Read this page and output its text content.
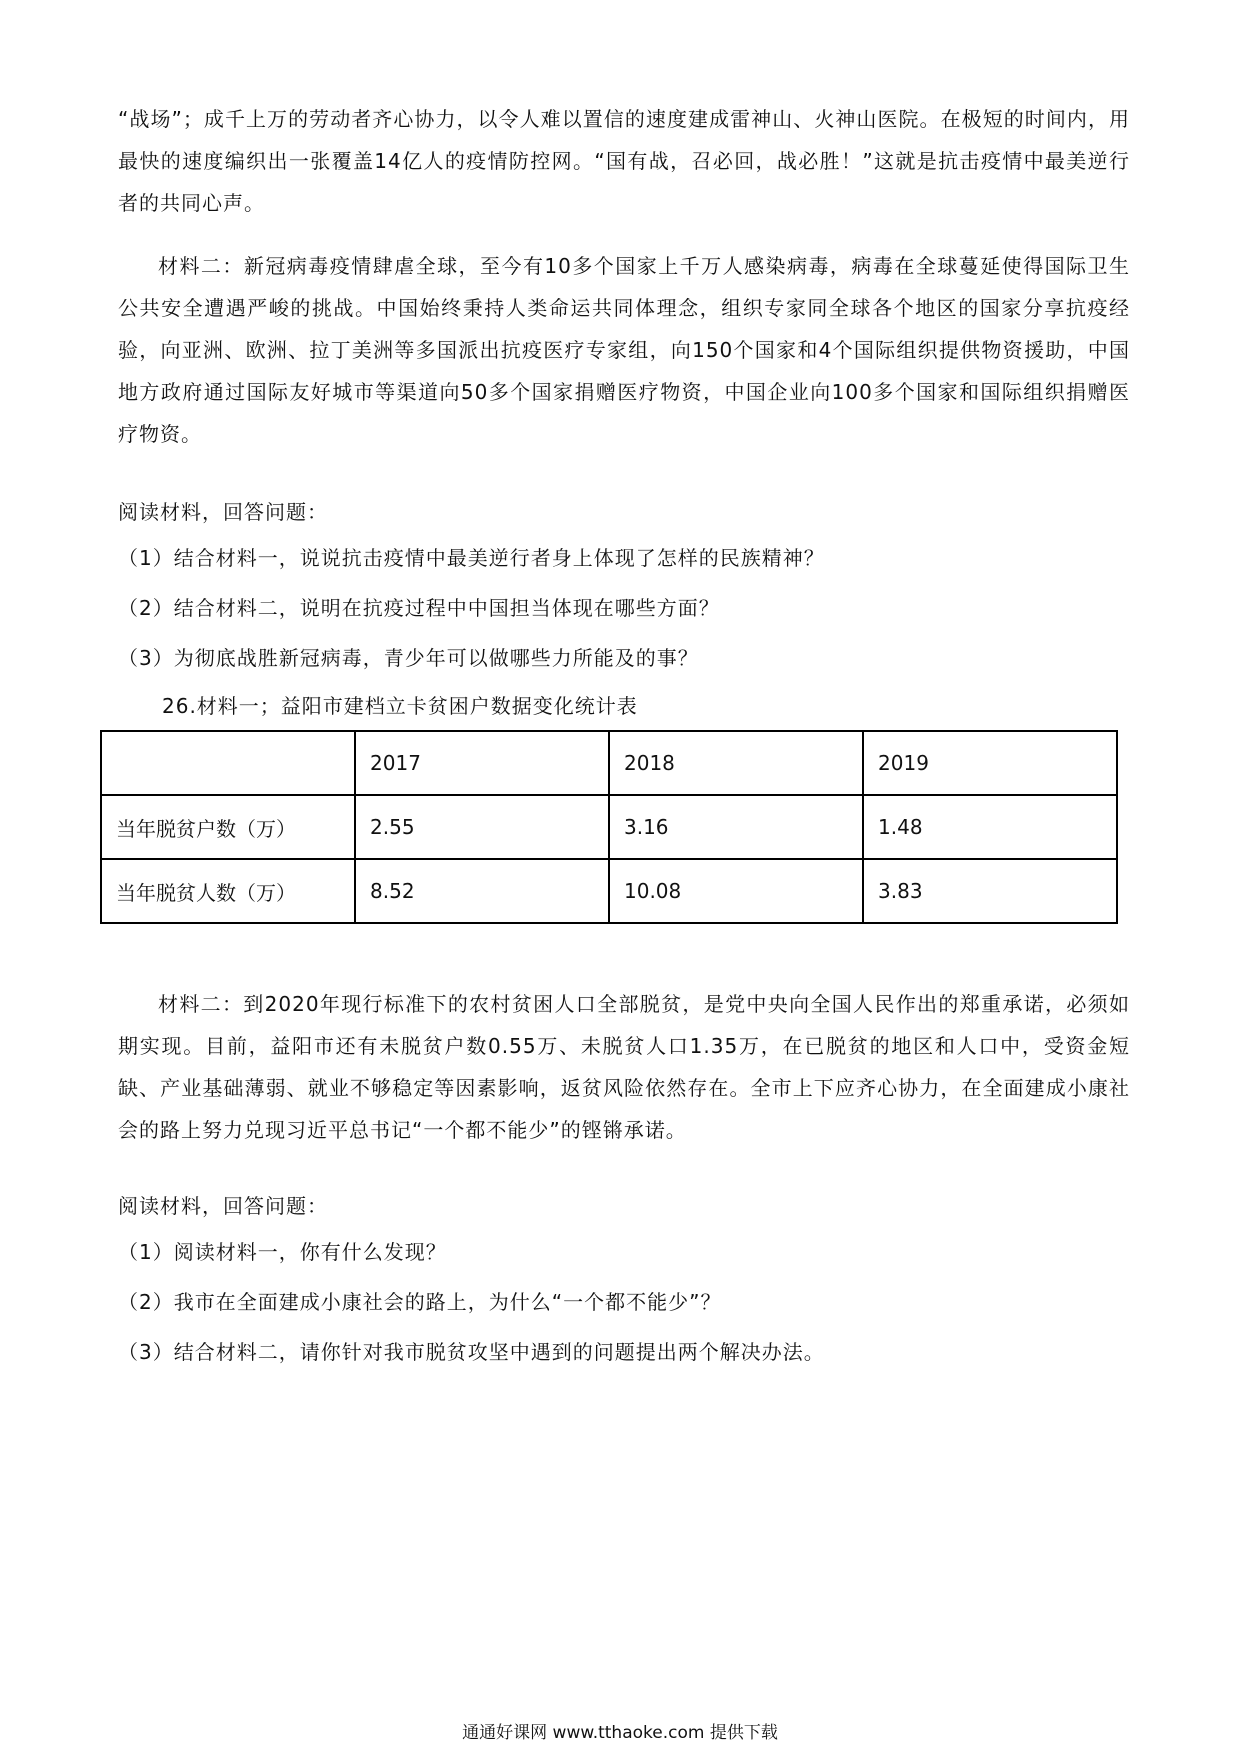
“战场”；成千上万的劳动者齐心协力，以令人难以置信的速度建成雷神山、火神山医院。在极短的时间内，用最快的速度编织出一张覆盖14亿人的疫情防控网。“国有战，召必回，战必胜！”这就是抗击疫情中最美逆行者的共同心声。

材料二：新冠病毒疫情肆虐全球，至今有10多个国家上千万人感染病毒，病毒在全球蔓延使得国际卫生公共安全遭遇严峻的挑战。中国始终秉持人类命运共同体理念，组织专家同全球各个地区的国家分享抗疫经验，向亚洲、欧洲、拉丁美洲等多国派出抗疫医疗专家组，向150个国家和4个国际组织提供物资援助，中国地方政府通过国际友好城市等渠道向50多个国家捐赠医疗物资，中国企业向100多个国家和国际组织捐赠医疗物资。

阅读材料，回答问题：

（1）结合材料一，说说抗击疫情中最美逆行者身上体现了怎样的民族精神？

（2）结合材料二，说明在抗疫过程中中国担当体现在哪些方面？

（3）为彻底战胜新冠病毒，青少年可以做哪些力所能及的事？

26.材料一；益阳市建档立卡贫困户数据变化统计表

	2017	2018	2019
当年脱贫户数（万）	2.55	3.16	1.48
当年脱贫人数（万）	8.52	10.08	3.83

材料二：到2020年现行标准下的农村贫困人口全部脱贫，是党中央向全国人民作出的郑重承诺，必须如期实现。目前，益阳市还有未脱贫户数0.55万、未脱贫人口1.35万，在已脱贫的地区和人口中，受资金短缺、产业基础薄弱、就业不够稳定等因素影响，返贫风险依然存在。全市上下应齐心协力，在全面建成小康社会的路上努力兑现习近平总书记“一个都不能少”的铿锵承诺。

阅读材料，回答问题：

（1）阅读材料一，你有什么发现？

（2）我市在全面建成小康社会的路上，为什么“一个都不能少”？

（3）结合材料二，请你针对我市脱贫攻坚中遇到的问题提出两个解决办法。

通通好课网 www.tthaoke.com 提供下载
